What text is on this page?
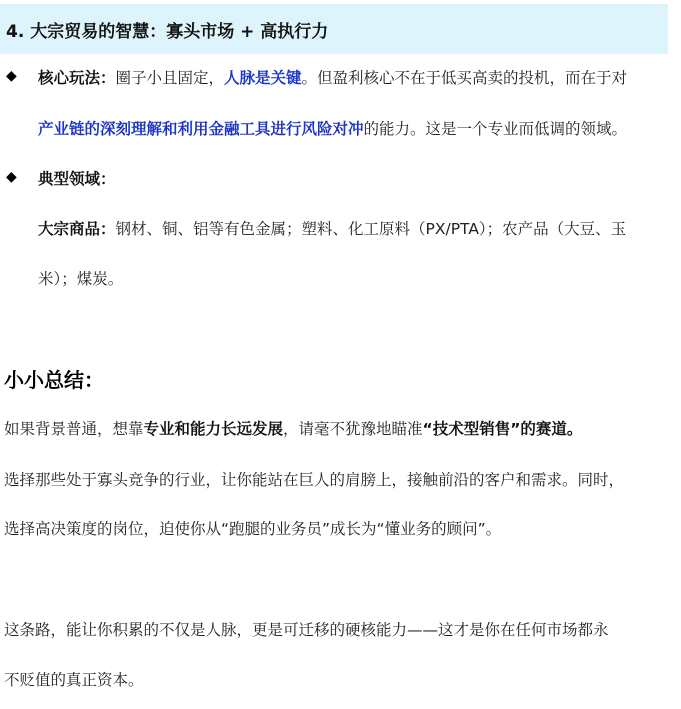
4. 大宗贸易的智慧：寡头市场 + 高执行力
◆ 核心玩法：圈子小且固定，人脉是关键。但盈利核心不在于低买高卖的投机，而在于对
产业链的深刻理解和利用金融工具进行风险对冲的能力。这是一个专业而低调的领域。
◆ 典型领域：
大宗商品：钢材、铜、铝等有色金属；塑料、化工原料（PX/PTA）；农产品（大豆、玉
米）；煤炭。
小小总结：
如果背景普通，想靠专业和能力长远发展，请毫不犹豫地瞄准“技术型销售”的赛道。
选择那些处于寡头竞争的行业，让你能站在巨人的肩膀上，接触前沿的客户和需求。同时，
选择高决策度的岗位，迫使你从“跑腿的业务员”成长为“懂业务的顾问”。
这条路，能让你积累的不仅是人脉，更是可迁移的硬核能力——这才是你在任何市场都永
不贬值的真正资本。
